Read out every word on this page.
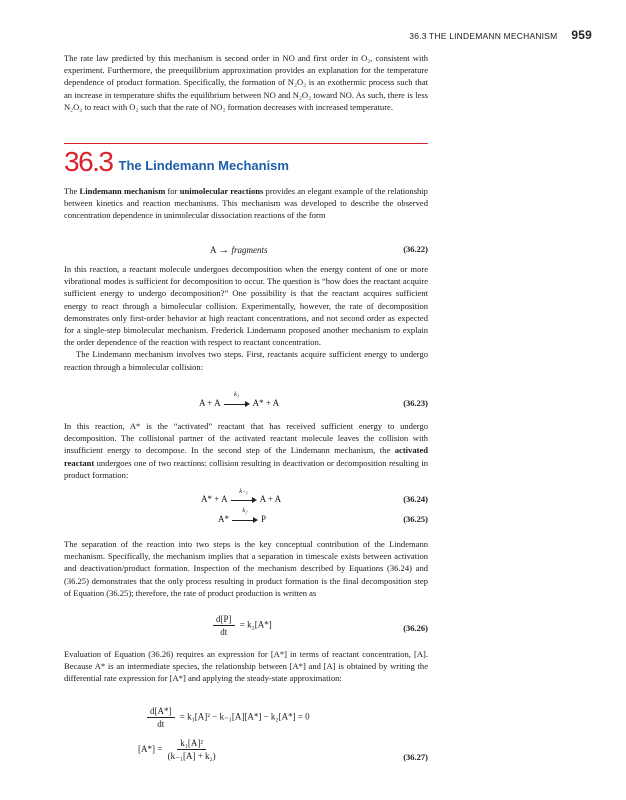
36.3 THE LINDEMANN MECHANISM 959

The rate law predicted by this mechanism is second order in NO and first order in O₂, consistent with experiment. Furthermore, the preequilibrium approximation provides an explanation for the temperature dependence of product formation. Specifically, the formation of N₂O₂ is an exothermic process such that an increase in temperature shifts the equilibrium between NO and N₂O₂ toward NO. As such, there is less N₂O₂ to react with O₂ such that the rate of NO₂ formation decreases with increased temperature.

36.3 The Lindemann Mechanism

The Lindemann mechanism for unimolecular reactions provides an elegant example of the relationship between kinetics and reaction mechanisms. This mechanism was developed to describe the observed concentration dependence in unimolecular dissociation reactions of the form

A → fragments	(36.22)

In this reaction, a reactant molecule undergoes decomposition when the energy content of one or more vibrational modes is sufficient for decomposition to occur. The question is “how does the reactant acquire sufficient energy to undergo decomposition?” One possibility is that the reactant acquires sufficient energy to react through a bimolecular collision. Experimentally, however, the rate of decomposition demonstrates only first-order behavior at high reactant concentrations, and not second order as expected for a single-step bimolecular mechanism. Frederick Lindemann proposed another mechanism to explain the order dependence of the reaction with respect to reactant concentration.

The Lindemann mechanism involves two steps. First, reactants acquire sufficient energy to undergo reaction through a bimolecular collision:

A + A
k₁
A* + A	(36.23)

In this reaction, A* is the “activated” reactant that has received sufficient energy to undergo decomposition. The collisional partner of the activated reactant molecule leaves the collision with insufficient energy to decompose. In the second step of the Lindemann mechanism, the activated reactant undergoes one of two reactions: collision resulting in deactivation or decomposition resulting in product formation:

A* + A
k₋₁
A + A	(36.24)
A*
k₂
P	(36.25)

The separation of the reaction into two steps is the key conceptual contribution of the Lindemann mechanism. Specifically, the mechanism implies that a separation in timescale exists between activation and deactivation/product formation. Inspection of the mechanism described by Equations (36.24) and (36.25) demonstrates that the only process resulting in product formation is the final decomposition step of Equation (36.25); therefore, the rate of product production is written as

$\frac{d[P]}{dt} = k_2[A*]$	(36.26)

Evaluation of Equation (36.26) requires an expression for [A*] in terms of reactant concentration, [A]. Because A* is an intermediate species, the relationship between [A*] and [A] is obtained by writing the differential rate expression for [A*] and applying the steady-state approximation:

$\frac{d[A*]}{dt} = k_1[A]^2 - k_{-1}[A][A*] - k_2[A*] = 0$
$[A*] = \frac{\text{k₁[A]²}}{\text{(k₋₁[A] + k₂)}}$	(36.27)
